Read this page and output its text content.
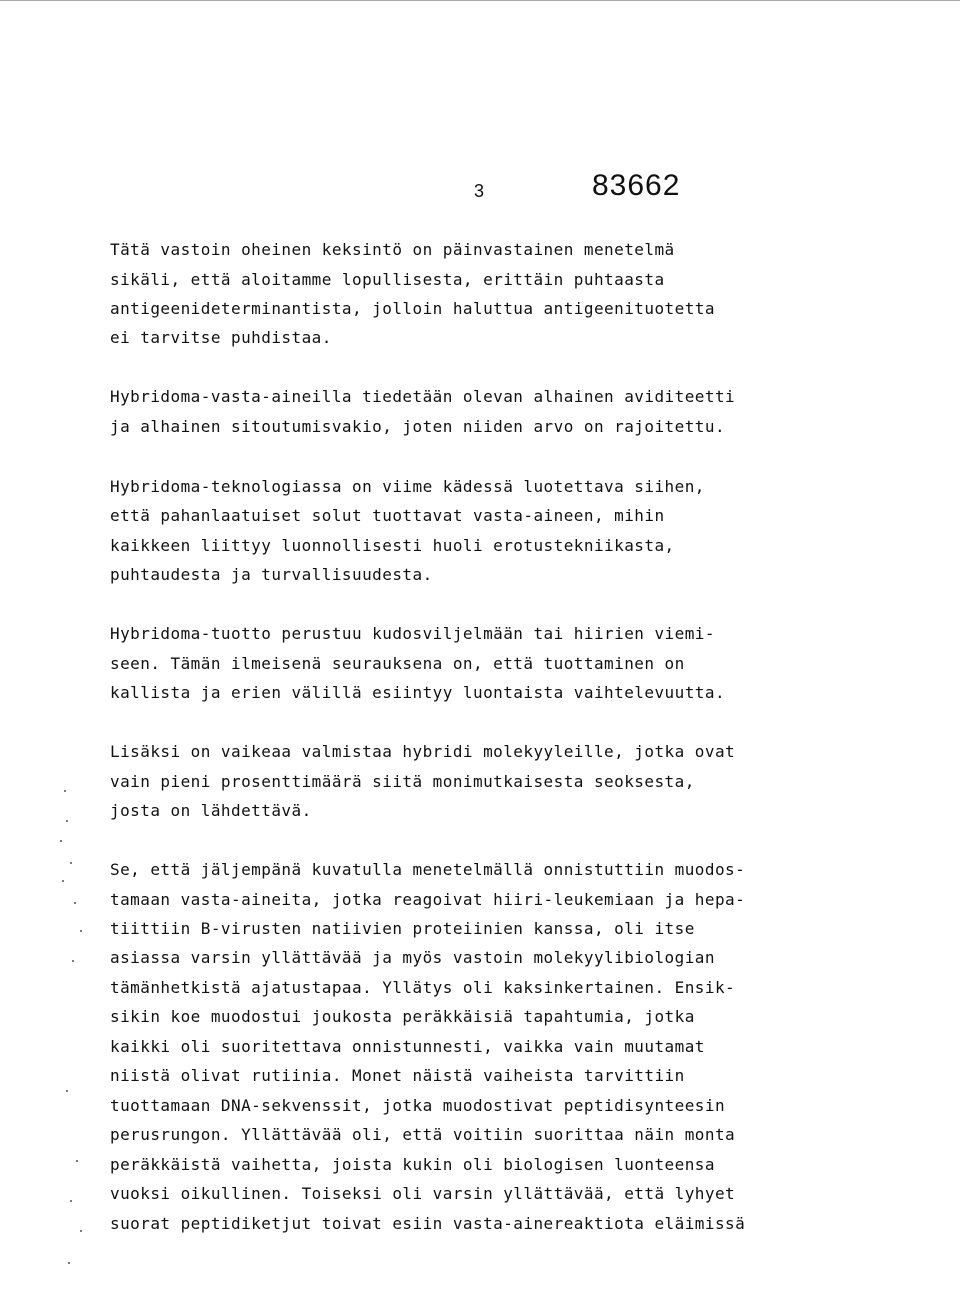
3	83662
Tätä vastoin oheinen keksintö on päinvastainen menetelmä
sikäli, että aloitamme lopullisesta, erittäin puhtaasta
antigeenideterminantista, jolloin haluttua antigeenituotetta
ei tarvitse puhdistaa.
Hybridoma-vasta-aineilla tiedetään olevan alhainen aviditeetti
ja alhainen sitoutumisvakio, joten niiden arvo on rajoitettu.
Hybridoma-teknologiassa on viime kädessä luotettava siihen,
että pahanlaatuiset solut tuottavat vasta-aineen, mihin
kaikkeen liittyy luonnollisesti huoli erotustekniikasta,
puhtaudesta ja turvallisuudesta.
Hybridoma-tuotto perustuu kudosviljelmään tai hiirien viemi-
seen. Tämän ilmeisenä seurauksena on, että tuottaminen on
kallista ja erien välillä esiintyy luontaista vaihtelevuutta.
Lisäksi on vaikeaa valmistaa hybridi molekyyleille, jotka ovat
vain pieni prosenttimäärä siitä monimutkaisesta seoksesta,
josta on lähdettävä.
Se, että jäljempänä kuvatulla menetelmällä onnistuttiin muodos-
tamaan vasta-aineita, jotka reagoivat hiiri-leukemiaan ja hepa-
tiittiin B-virusten natiivien proteiinien kanssa, oli itse
asiassa varsin yllättävää ja myös vastoin molekyylibiologian
tämänhetkistä ajatustapaa. Yllätys oli kaksinkertainen. Ensik-
sikin koe muodostui joukosta peräkkäisiä tapahtumia, jotka
kaikki oli suoritettava onnistunnesti, vaikka vain muutamat
niistä olivat rutiinia. Monet näistä vaiheista tarvittiin
tuottamaan DNA-sekvenssit, jotka muodostivat peptidisynteesin
perusrungon. Yllättävää oli, että voitiin suorittaa näin monta
peräkkäistä vaihetta, joista kukin oli biologisen luonteensa
vuoksi oikullinen. Toiseksi oli varsin yllättävää, että lyhyet
suorat peptidiketjut toivat esiin vasta-ainereaktiota eläimissä
